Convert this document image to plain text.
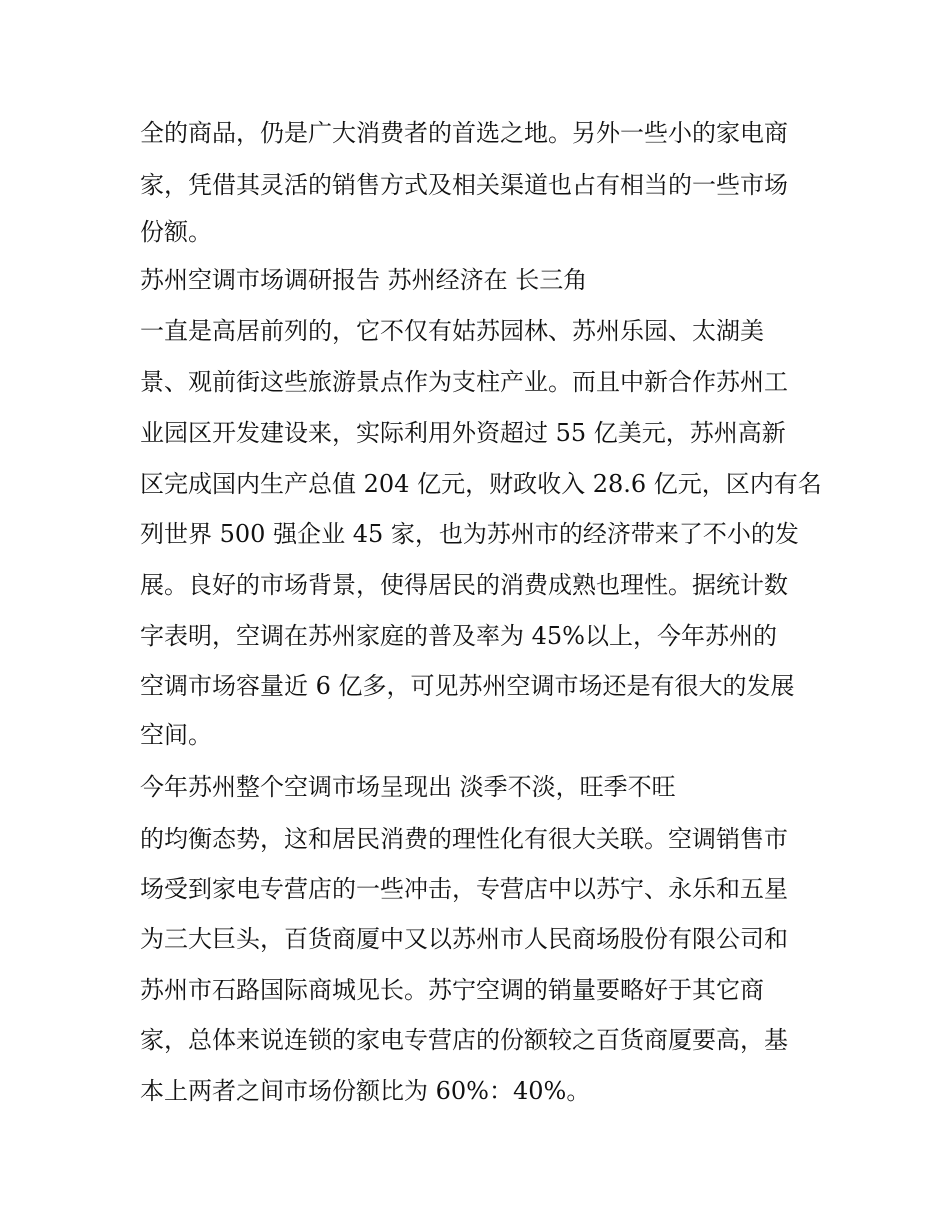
全的商品，仍是广大消费者的首选之地。另外一些小的家电商
家，凭借其灵活的销售方式及相关渠道也占有相当的一些市场
份额。
苏州空调市场调研报告 苏州经济在 长三角
一直是高居前列的，它不仅有姑苏园林、苏州乐园、太湖美
景、观前街这些旅游景点作为支柱产业。而且中新合作苏州工
业园区开发建设来，实际利用外资超过 55 亿美元，苏州高新
区完成国内生产总值 204 亿元，财政收入 28.6 亿元，区内有名
列世界 500 强企业 45 家，也为苏州市的经济带来了不小的发
展。良好的市场背景，使得居民的消费成熟也理性。据统计数
字表明，空调在苏州家庭的普及率为 45%以上，今年苏州的
空调市场容量近 6 亿多，可见苏州空调市场还是有很大的发展
空间。
今年苏州整个空调市场呈现出 淡季不淡，旺季不旺
的均衡态势，这和居民消费的理性化有很大关联。空调销售市
场受到家电专营店的一些冲击，专营店中以苏宁、永乐和五星
为三大巨头，百货商厦中又以苏州市人民商场股份有限公司和
苏州市石路国际商城见长。苏宁空调的销量要略好于其它商
家，总体来说连锁的家电专营店的份额较之百货商厦要高，基
本上两者之间市场份额比为 60%：40%。
